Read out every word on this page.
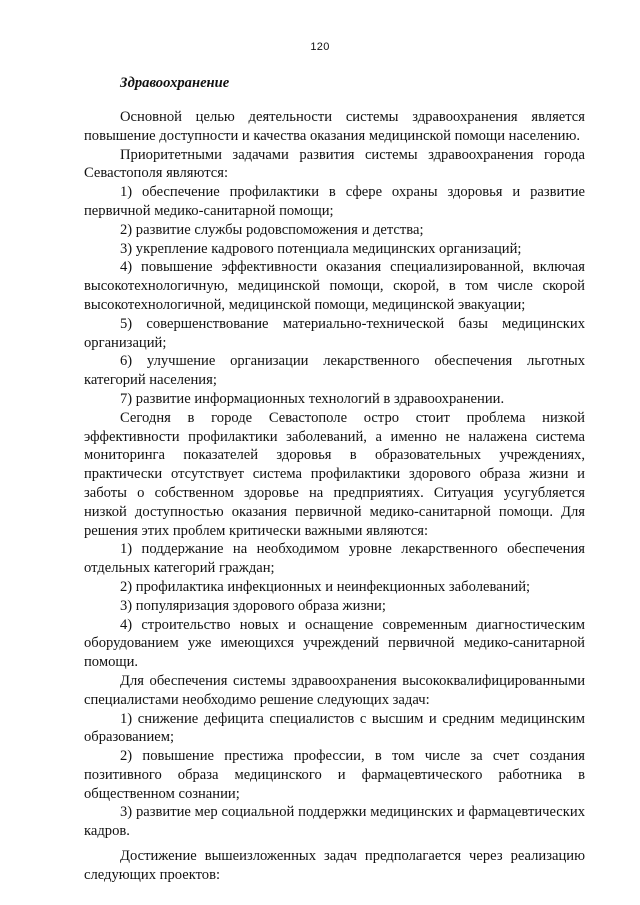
120
Здравоохранение

Основной целью деятельности системы здравоохранения является повышение доступности и качества оказания медицинской помощи населению.

Приоритетными задачами развития системы здравоохранения города Севастополя являются:

1) обеспечение профилактики в сфере охраны здоровья и развитие первичной медико-санитарной помощи;

2) развитие службы родовспоможения и детства;

3) укрепление кадрового потенциала медицинских организаций;

4) повышение эффективности оказания специализированной, включая высокотехнологичную, медицинской помощи, скорой, в том числе скорой высокотехнологичной, медицинской помощи, медицинской эвакуации;

5) совершенствование материально-технической базы медицинских организаций;

6) улучшение организации лекарственного обеспечения льготных категорий населения;

7) развитие информационных технологий в здравоохранении.

Сегодня в городе Севастополе остро стоит проблема низкой эффективности профилактики заболеваний, а именно не налажена система мониторинга показателей здоровья в образовательных учреждениях, практически отсутствует система профилактики здорового образа жизни и заботы о собственном здоровье на предприятиях. Ситуация усугубляется низкой доступностью оказания первичной медико-санитарной помощи. Для решения этих проблем критически важными являются:

1) поддержание на необходимом уровне лекарственного обеспечения отдельных категорий граждан;

2) профилактика инфекционных и неинфекционных заболеваний;

3) популяризация здорового образа жизни;

4) строительство новых и оснащение современным диагностическим оборудованием уже имеющихся учреждений первичной медико-санитарной помощи.

Для обеспечения системы здравоохранения высококвалифицированными специалистами необходимо решение следующих задач:

1) снижение дефицита специалистов с высшим и средним медицинским образованием;

2) повышение престижа профессии, в том числе за счет создания позитивного образа медицинского и фармацевтического работника в общественном сознании;

3) развитие мер социальной поддержки медицинских и фармацевтических кадров.

Достижение вышеизложенных задач предполагается через реализацию следующих проектов:
